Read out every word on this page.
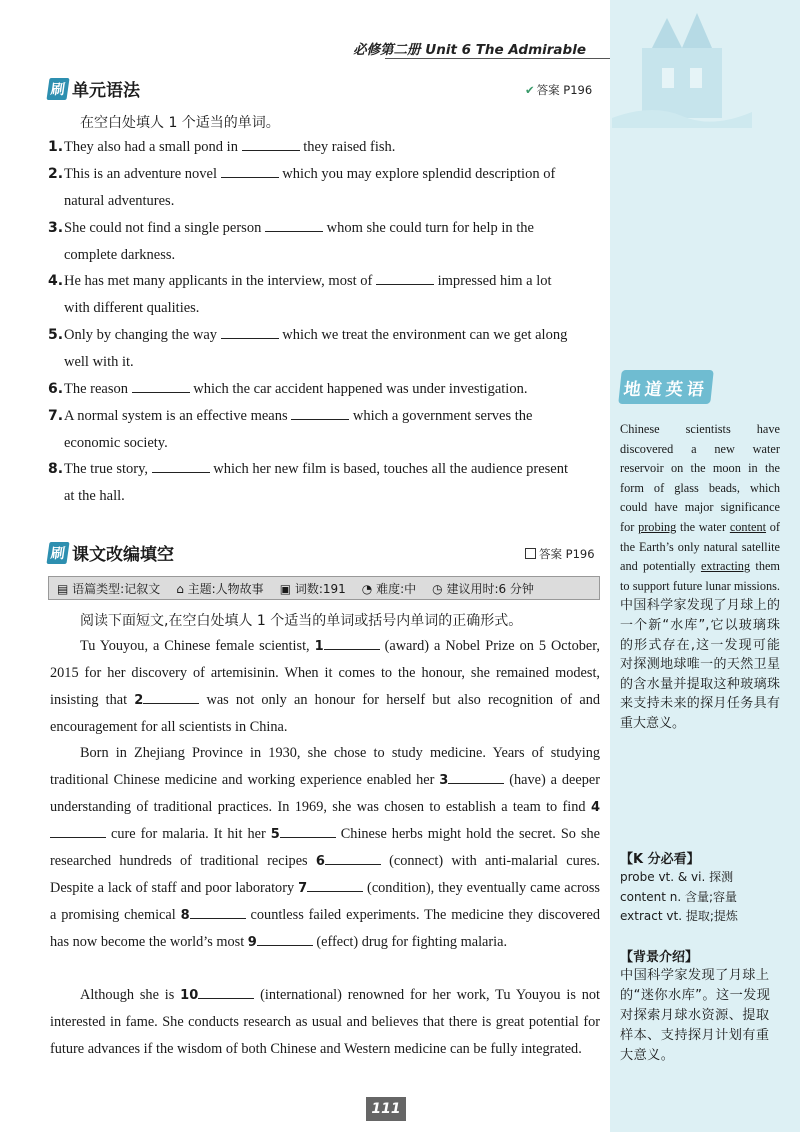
地道英语
Chinese scientists have discovered a new water reservoir on the moon in the form of glass beads, which could have major significance for probing the water content of the Earth’s only natural satellite and potentially extracting them to support future lunar missions.中国科学家发现了月球上的一个新“水库”,它以玻璃珠的形式存在,这一发现可能对探测地球唯一的天然卫星的含水量并提取这种玻璃珠来支持未来的探月任务具有重大意义。
【K 分必看】
probe vt. & vi. 探测
content n. 含量;容量
extract vt. 提取;提炼
【背景介绍】
中国科学家发现了月球上的“迷你水库”。这一发现对探索月球水资源、提取样本、支持探月计划有重大意义。
必修第二册 Unit 6 The Admirable
刷 单元语法	✔ 答案 P196
在空白处填人 1 个适当的单词。
1.They also had a small pond in	they raised fish.
2.This is an adventure novel	which you may explore splendid description of
natural adventures.
3.She could not find a single person	whom she could turn for help in the
complete darkness.
4.He has met many applicants in the interview, most of	impressed him a lot
with different qualities.
5.Only by changing the way	which we treat the environment can we get along
well with it.
6.The reason	which the car accident happened was under investigation.
7.A normal system is an effective means	which a government serves the
economic society.
8.The true story,	which her new film is based, touches all the audience present
at the hall.
刷 课文改编填空	答案 P196
▤ 语篇类型:记叙文 ⌂ 主题:人物故事 ▣ 词数:191 ◔ 难度:中 ◷ 建议用时:6 分钟
阅读下面短文,在空白处填人 1 个适当的单词或括号内单词的正确形式。
Tu Youyou, a Chinese female scientist, 1	(award) a Nobel Prize on 5 October, 2015 for her discovery of artemisinin. When it comes to the honour, she remained modest, insisting that 2	was not only an honour for herself but also recognition of and encouragement for all scientists in China.
Born in Zhejiang Province in 1930, she chose to study medicine. Years of studying traditional Chinese medicine and working experience enabled her 3	(have) a deeper understanding of traditional practices. In 1969, she was chosen to establish a team to find 4 cure for malaria. It hit her 5	Chinese herbs might hold the secret. So she researched hundreds of traditional recipes 6	(connect) with anti-malarial cures. Despite a lack of staff and poor laboratory 7	(condition), they eventually came across a promising chemical 8	countless failed experiments. The medicine they discovered has now become the world’s most 9	(effect) drug for fighting malaria.
Although she is 10	(international) renowned for her work, Tu Youyou is not interested in fame. She conducts research as usual and believes that there is great potential for future advances if the wisdom of both Chinese and Western medicine can be fully integrated.
111
